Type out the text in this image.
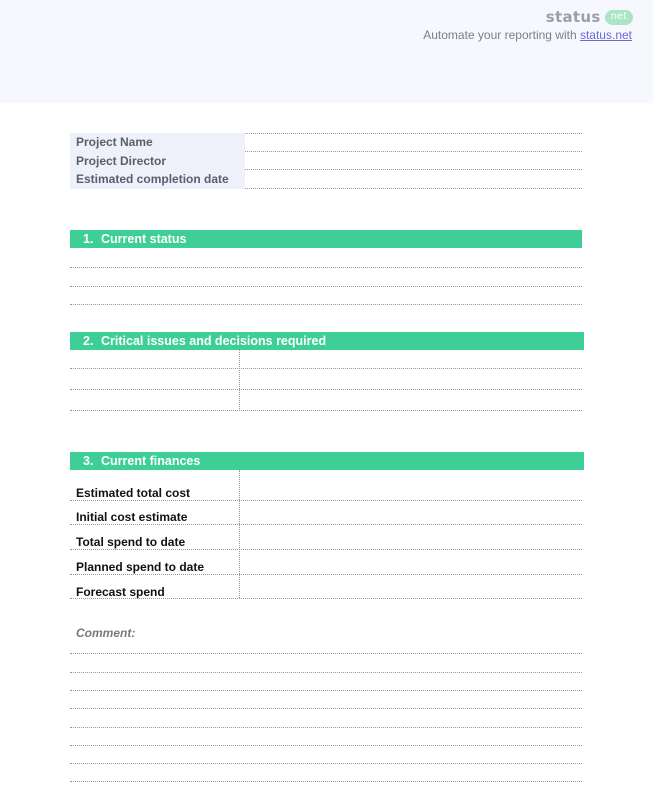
status	net
Automate your reporting with status.net
Project Name
Project Director
Estimated completion date
1. Current status
2. Critical issues and decisions required
3. Current finances
Estimated total cost
Initial cost estimate
Total spend to date
Planned spend to date
Forecast spend
Comment:
